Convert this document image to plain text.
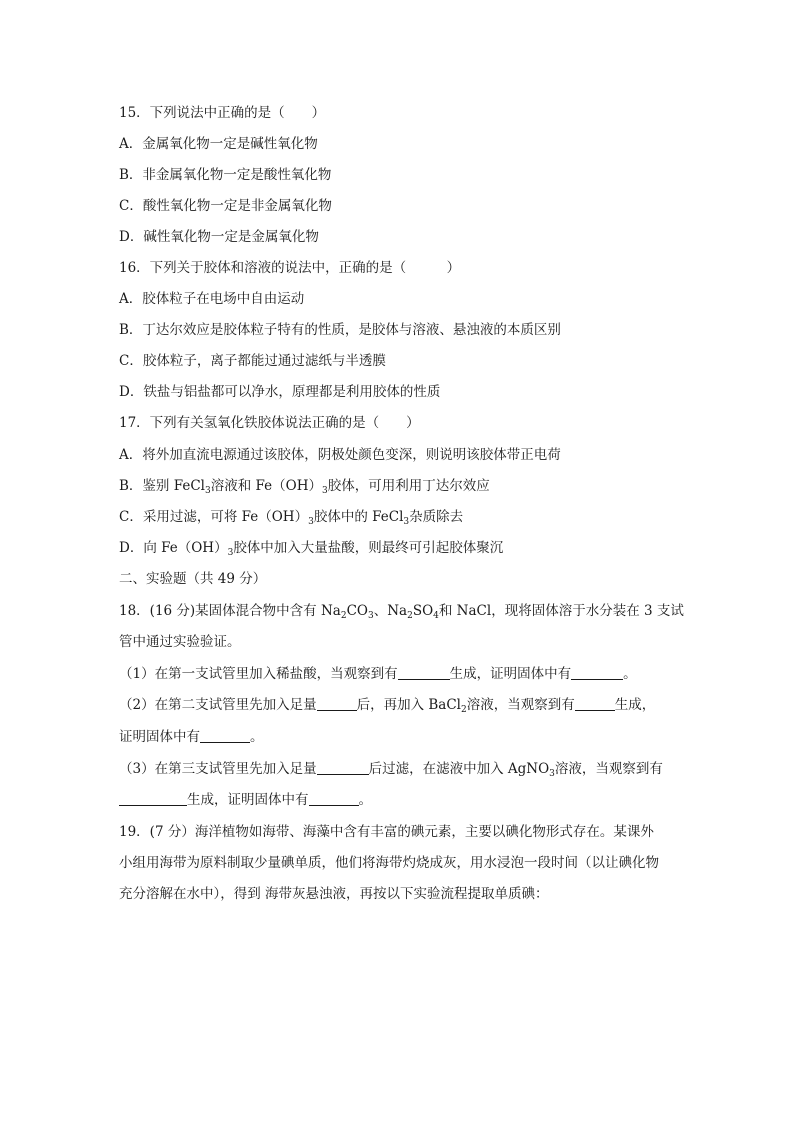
15．下列说法中正确的是（　　）
A．金属氧化物一定是碱性氧化物
B．非金属氧化物一定是酸性氧化物
C．酸性氧化物一定是非金属氧化物
D．碱性氧化物一定是金属氧化物
16．下列关于胶体和溶液的说法中，正确的是（　　　）
A．胶体粒子在电场中自由运动
B．丁达尔效应是胶体粒子特有的性质，是胶体与溶液、悬浊液的本质区别
C．胶体粒子，离子都能过通过滤纸与半透膜
D．铁盐与铝盐都可以净水，原理都是利用胶体的性质
17．下列有关氢氧化铁胶体说法正确的是（　　）
A．将外加直流电源通过该胶体，阴极处颜色变深，则说明该胶体带正电荷
B．鉴别 FeCl$_3$溶液和 $Fe(OH)_3$胶体，可用利用丁达尔效应
C．采用过滤，可将 $Fe(OH)_3$胶体中的 FeCl$_3$杂质除去
D．向 $Fe(OH)_3$胶体中加入大量盐酸，则最终可引起胶体聚沉
二、实验题（共 49 分）
18．(16 分)某固体混合物中含有 $Na_2CO_3$、$Na_2SO_4$和 NaCl，现将固体溶于水分装在 3 支试
管中通过实验验证。
（1）在第一支试管里加入稀盐酸，当观察到有	生成，证明固体中有	。
（2）在第二支试管里先加入足量	后，再加入 BaCl$_2$溶液，当观察到有	生成，
证明固体中有	。
（3）在第三支试管里先加入足量	后过滤，在滤液中加入 AgNO$_3$溶液，当观察到有
生成，证明固体中有	。
19．(7 分）海洋植物如海带、海藻中含有丰富的碘元素，主要以碘化物形式存在。某课外
小组用海带为原料制取少量碘单质，他们将海带灼烧成灰，用水浸泡一段时间（以让碘化物
充分溶解在水中），得到 海带灰悬浊液，再按以下实验流程提取单质碘：
